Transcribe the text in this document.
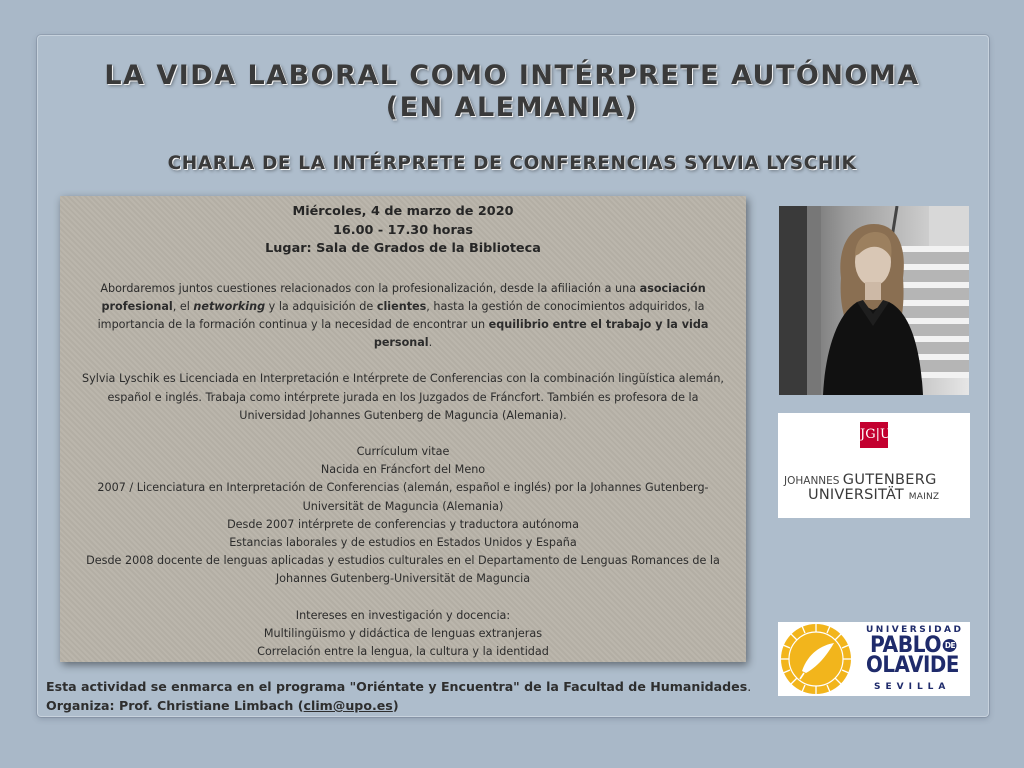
LA VIDA LABORAL COMO INTÉRPRETE AUTÓNOMA
(EN ALEMANIA)
CHARLA DE LA INTÉRPRETE DE CONFERENCIAS SYLVIA LYSCHIK

Miércoles, 4 de marzo de 2020

16.00 - 17.30 horas

Lugar: Sala de Grados de la Biblioteca

Abordaremos juntos cuestiones relacionados con la profesionalización, desde la afiliación a una asociación profesional, el networking y la adquisición de clientes, hasta la gestión de conocimientos adquiridos, la importancia de la formación continua y la necesidad de encontrar un equilibrio entre el trabajo y la vida personal.

Sylvia Lyschik es Licenciada en Interpretación e Intérprete de Conferencias con la combinación lingüística alemán,

español e inglés. Trabaja como intérprete jurada en los Juzgados de Fráncfort. También es profesora de la

Universidad Johannes Gutenberg de Maguncia (Alemania).

Currículum vitae

Nacida en Fráncfort del Meno

2007 / Licenciatura en Interpretación de Conferencias (alemán, español e inglés) por la Johannes Gutenberg-

Universität de Maguncia (Alemania)

Desde 2007 intérprete de conferencias y traductora autónoma

Estancias laborales y de estudios en Estados Unidos y España

Desde 2008 docente de lenguas aplicadas y estudios culturales en el Departamento de Lenguas Romances de la

Johannes Gutenberg-Universität de Maguncia

Intereses en investigación y docencia:

Multilingüismo y didáctica de lenguas extranjeras

Correlación entre la lengua, la cultura y la identidad

JG|U
JOHANNES GUTENBERG
UNIVERSITÄT MAINZ
UNIVERSIDAD
PABLO DE
OLAVIDE
SEVILLA
Esta actividad se enmarca en el programa "Oriéntate y Encuentra" de la Facultad de Humanidades.
Organiza: Prof. Christiane Limbach (clim@upo.es)
